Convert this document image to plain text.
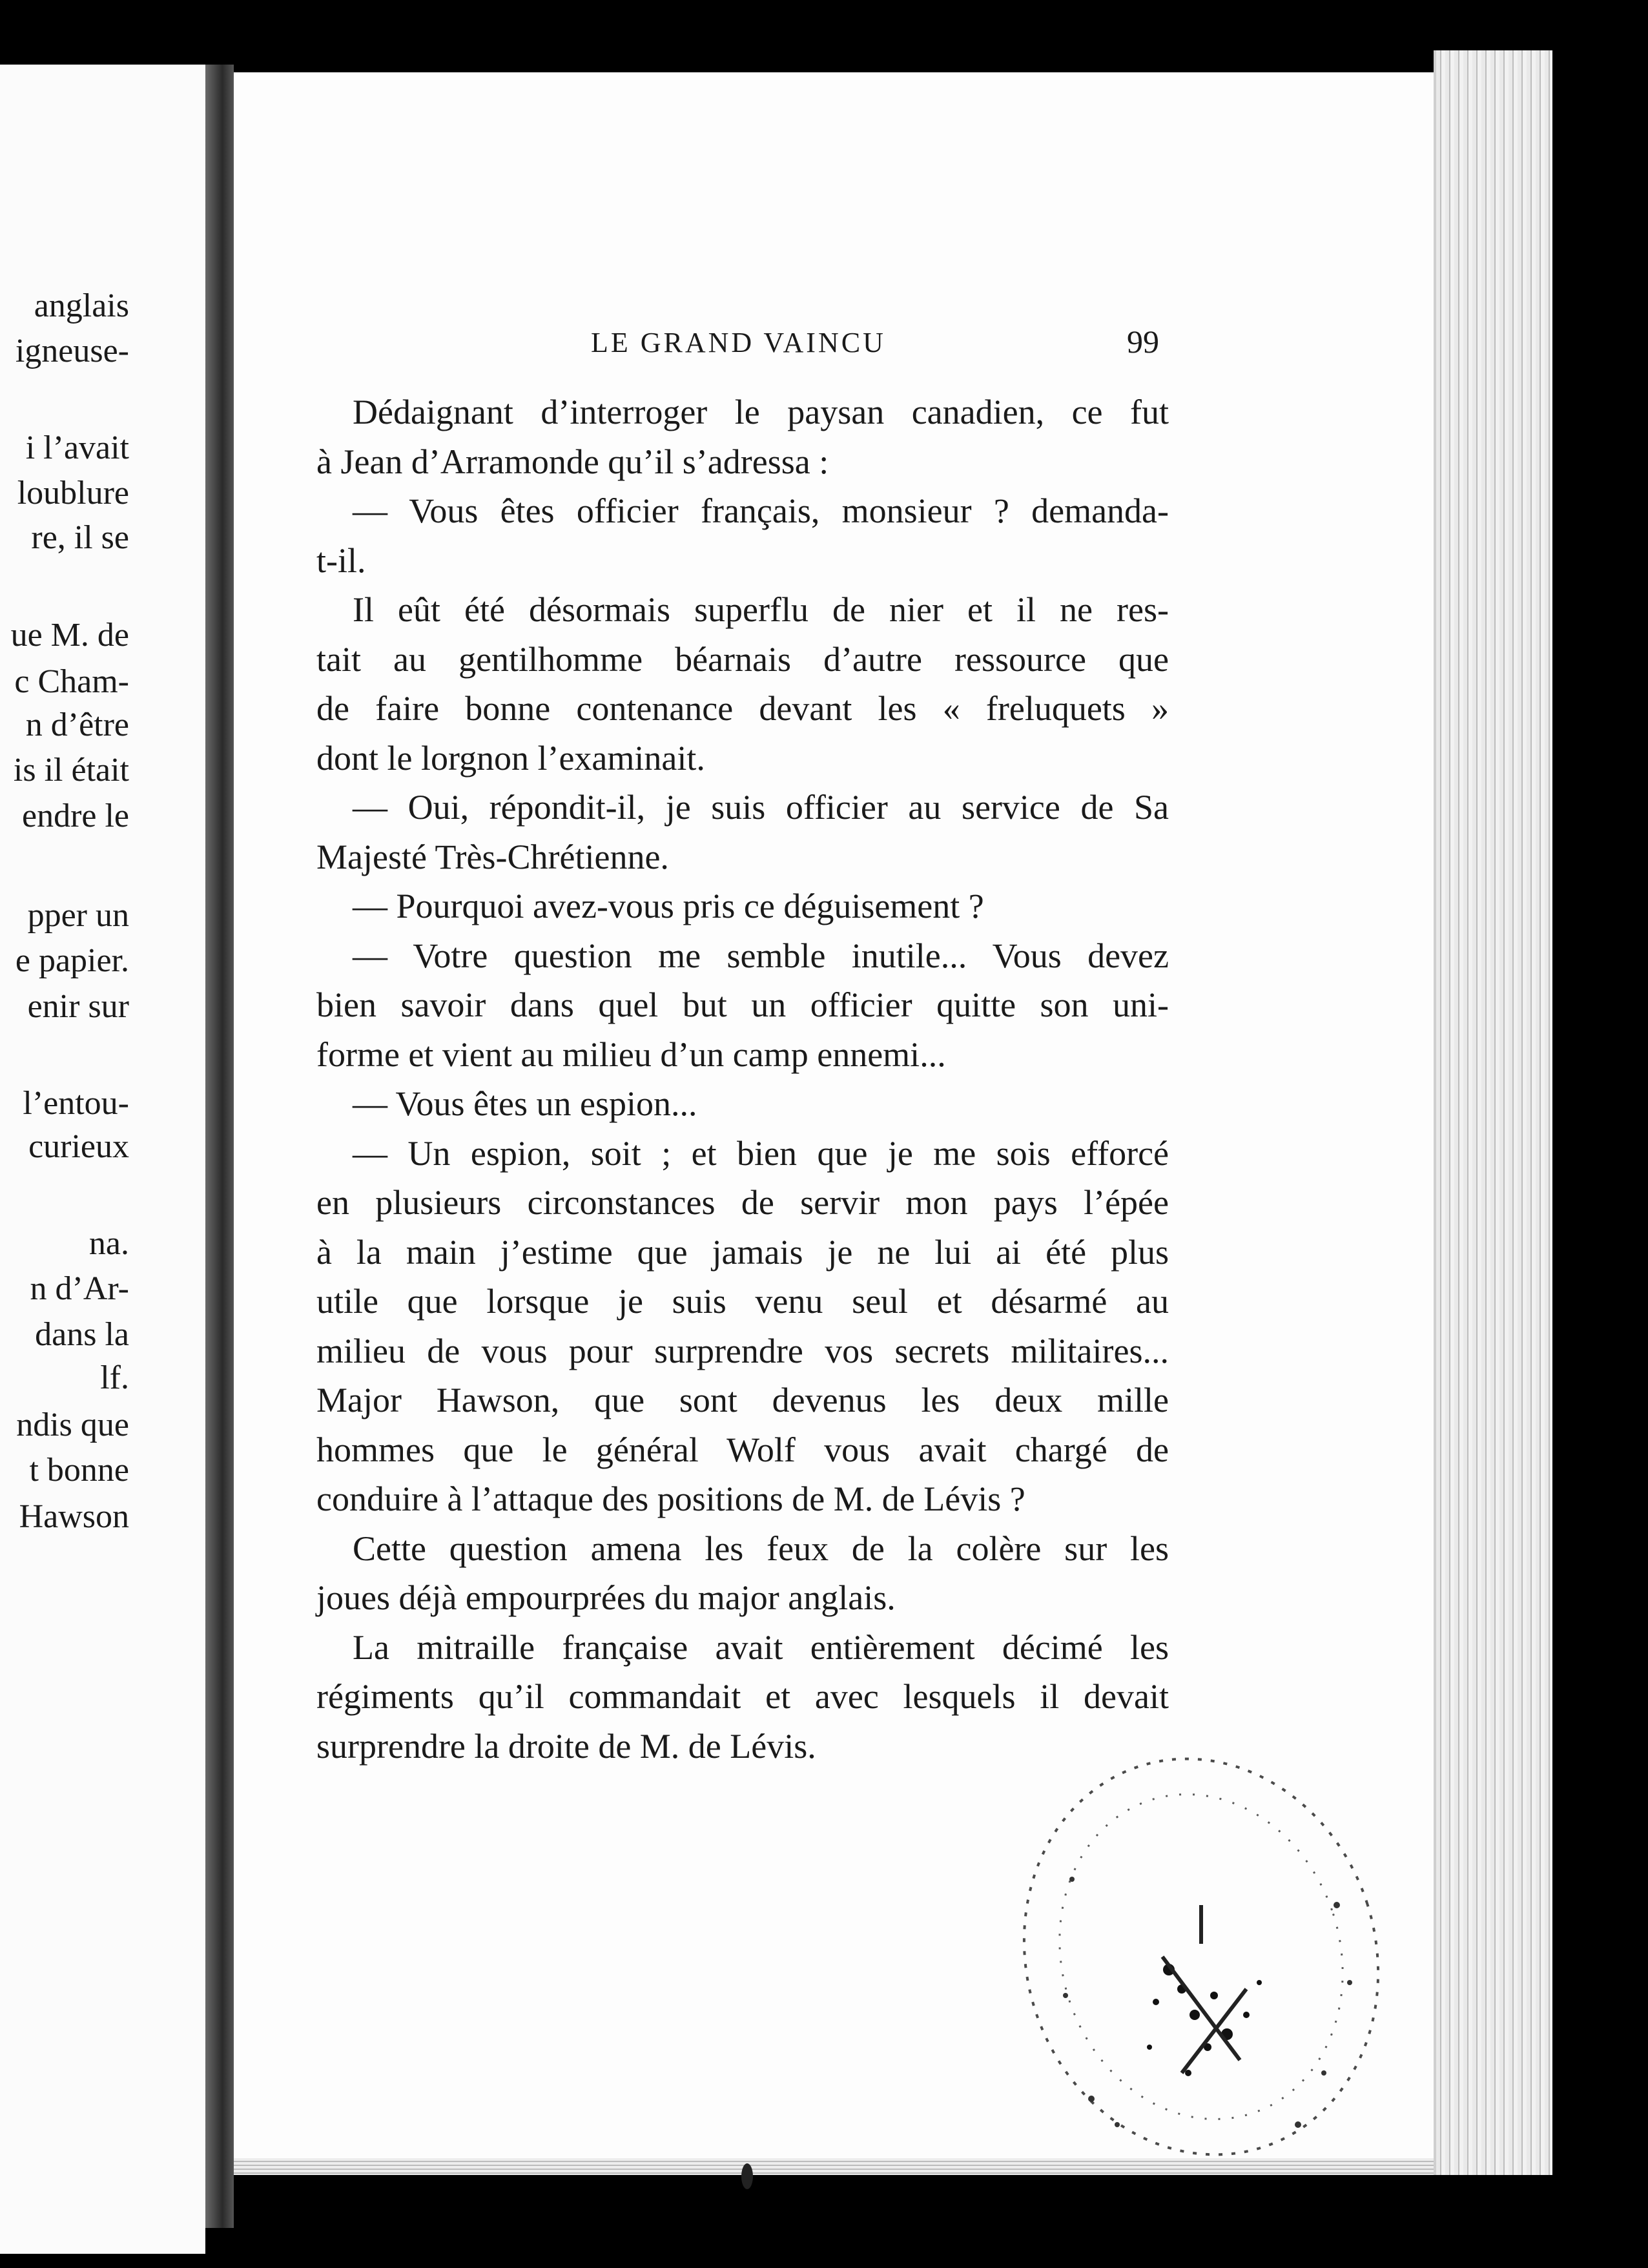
anglais
igneuse-
i l’avait
loublure
re, il se
ue M. de
c Cham-
n d’être
is il était
endre le
pper un
e papier.
enir sur
l’entou-
curieux
na.
n d’Ar-
dans la
lf.
ndis que
t bonne
Hawson
LE GRAND VAINCU	99
Dédaignant d’interroger le paysan canadien, ce fut
à Jean d’Arramonde qu’il s’adressa :
— Vous êtes officier français, monsieur ? demanda-
t-il.
Il eût été désormais superflu de nier et il ne res-
tait au gentilhomme béarnais d’autre ressource que
de faire bonne contenance devant les « freluquets »
dont le lorgnon l’examinait.
— Oui, répondit-il, je suis officier au service de Sa
Majesté Très-Chrétienne.
— Pourquoi avez-vous pris ce déguisement ?
— Votre question me semble inutile... Vous devez
bien savoir dans quel but un officier quitte son uni-
forme et vient au milieu d’un camp ennemi...
— Vous êtes un espion...
— Un espion, soit ; et bien que je me sois efforcé
en plusieurs circonstances de servir mon pays l’épée
à la main j’estime que jamais je ne lui ai été plus
utile que lorsque je suis venu seul et désarmé au
milieu de vous pour surprendre vos secrets militaires...
Major Hawson, que sont devenus les deux mille
hommes que le général Wolf vous avait chargé de
conduire à l’attaque des positions de M. de Lévis ?
Cette question amena les feux de la colère sur les
joues déjà empourprées du major anglais.
La mitraille française avait entièrement décimé les
régiments qu’il commandait et avec lesquels il devait
surprendre la droite de M. de Lévis.
